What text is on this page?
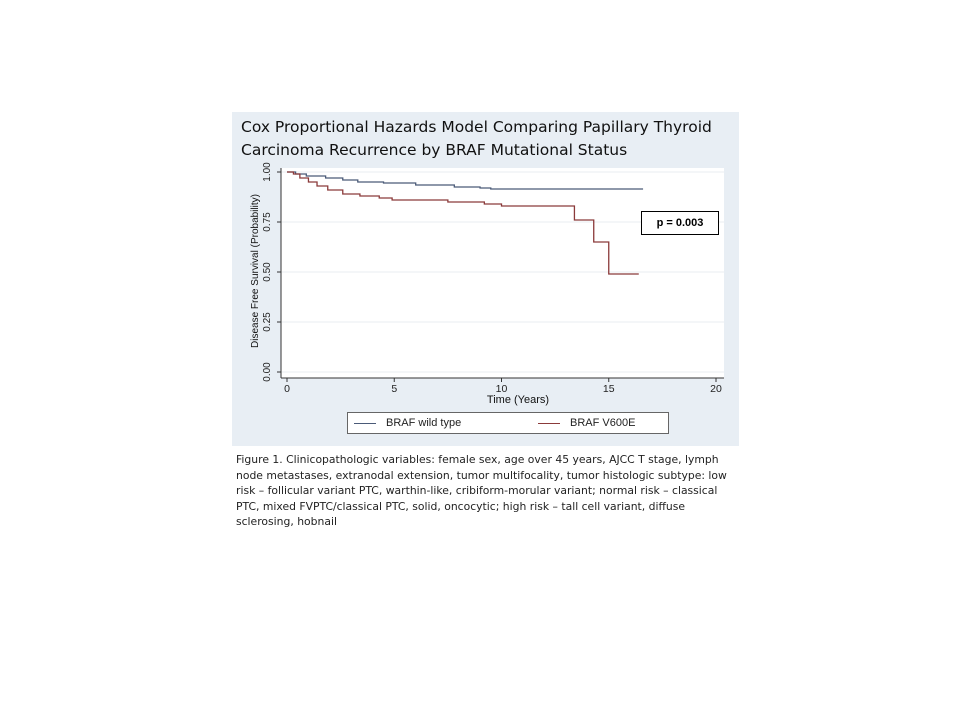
Cox Proportional Hazards Model Comparing Papillary Thyroid Carcinoma Recurrence by BRAF Mutational Status
0.00
0.25
0.50
0.75
1.00
0	5	10	15	20
Time (Years)
Disease Free Survival (Probability)	p = 0.003
BRAF wild type	BRAF V600E

Figure 1. Clinicopathologic variables: female sex, age over 45 years, AJCC T stage, lymph node metastases, extranodal extension, tumor multifocality, tumor histologic subtype: low risk – follicular variant PTC, warthin-like, cribiform-morular variant; normal risk – classical PTC, mixed FVPTC/classical PTC, solid, oncocytic; high risk – tall cell variant, diffuse sclerosing, hobnail
